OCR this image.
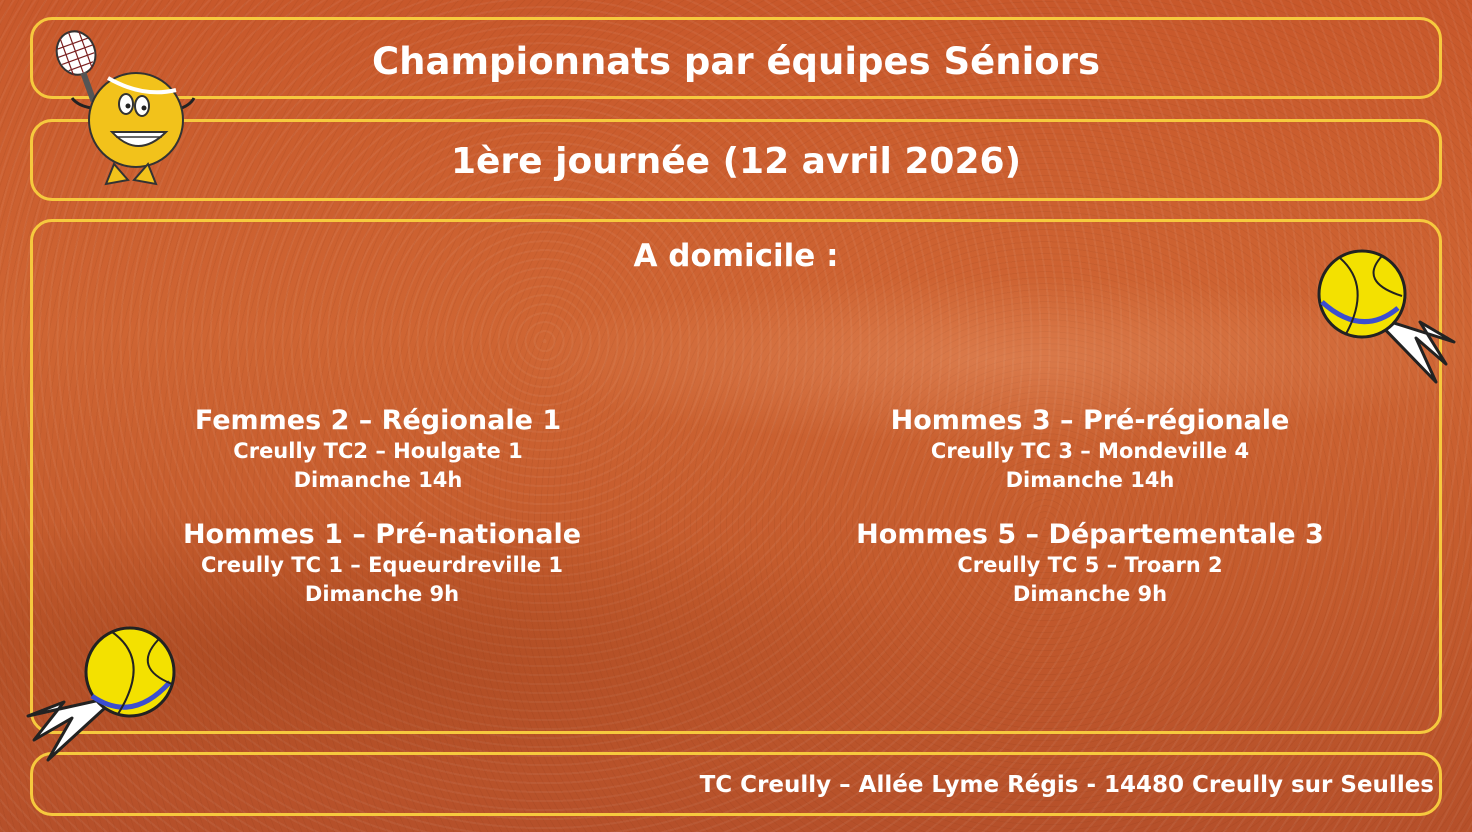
Championnats par équipes Séniors
1ère journée (12 avril 2026)
A domicile :
Femmes 2 – Régionale 1
Creully TC2 – Houlgate 1
Dimanche 14h
Hommes 1 – Pré-nationale
Creully TC 1 – Equeurdreville 1
Dimanche 9h
Hommes 3 – Pré-régionale
Creully TC 3 – Mondeville 4
Dimanche 14h
Hommes 5 – Départementale 3
Creully TC 5 – Troarn 2
Dimanche 9h
TC Creully – Allée Lyme Régis - 14480 Creully sur Seulles
